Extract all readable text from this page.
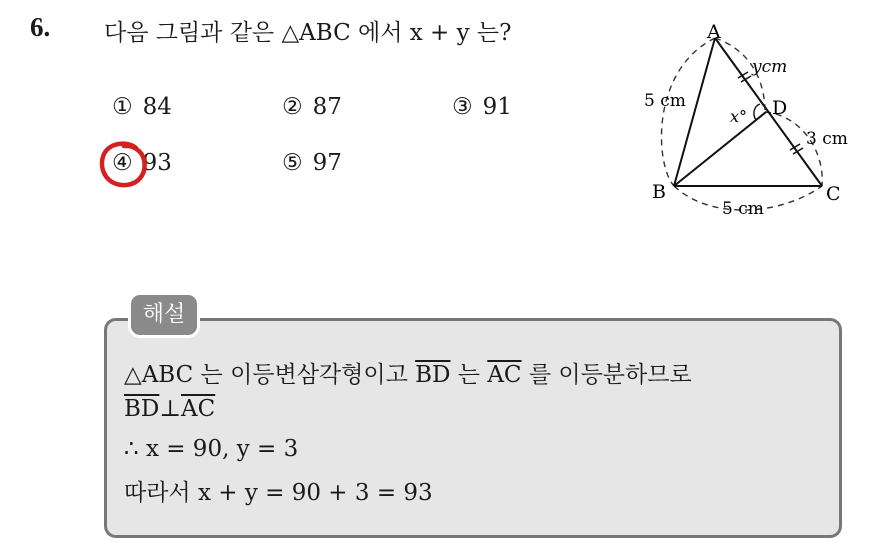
6. 다음 그림과 같은 △ABC 에서 x + y 는?
① 84	② 87	③ 91
④ 93	⑤ 97
A
B	C
D
5 cm
5 cm
3 cm
ycm
x°
해설
△ABC 는 이등변삼각형이고 $\overline{BD}$ 는 $\overline{AC}$ 를 이등분하므로
$\overline{BD}\perp\overline{AC}$
∴ x = 90, y = 3
따라서 x + y = 90 + 3 = 93
